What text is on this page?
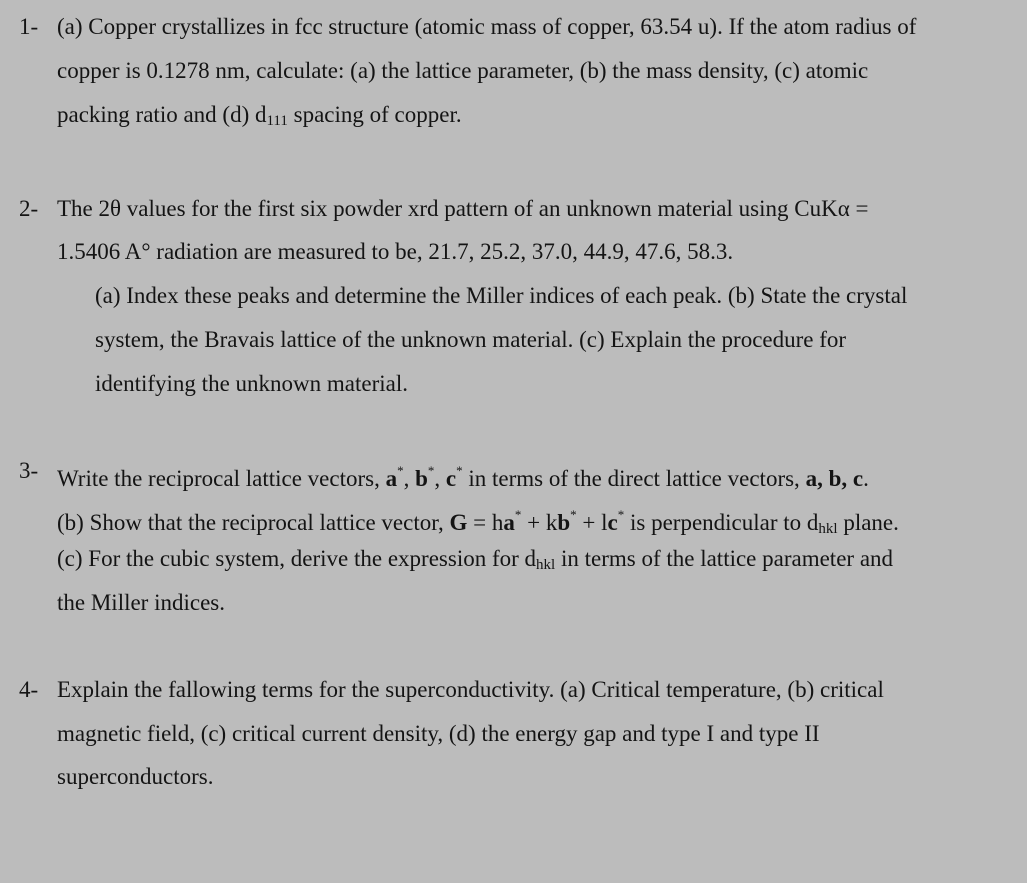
1- (a) Copper crystallizes in fcc structure (atomic mass of copper, 63.54 u). If the atom radius of
copper is 0.1278 nm, calculate: (a) the lattice parameter, (b) the mass density, (c) atomic
packing ratio and (d) $d_{111}$ spacing of copper.
2- The 2θ values for the first six powder xrd pattern of an unknown material using CuKα =
1.5406 A° radiation are measured to be, 21.7, 25.2, 37.0, 44.9, 47.6, 58.3.
(a) Index these peaks and determine the Miller indices of each peak. (b) State the crystal
system, the Bravais lattice of the unknown material. (c) Explain the procedure for
identifying the unknown material.
3- Write the reciprocal lattice vectors, a*, b*, c* in terms of the direct lattice vectors, a, b, c.
(b) Show that the reciprocal lattice vector, G = ha* + kb* + lc* is perpendicular to $d_{hkl}$ plane.
(c) For the cubic system, derive the expression for $d_{hkl}$ in terms of the lattice parameter and
the Miller indices.
4- Explain the fallowing terms for the superconductivity. (a) Critical temperature, (b) critical
magnetic field, (c) critical current density, (d) the energy gap and type I and type II
superconductors.
